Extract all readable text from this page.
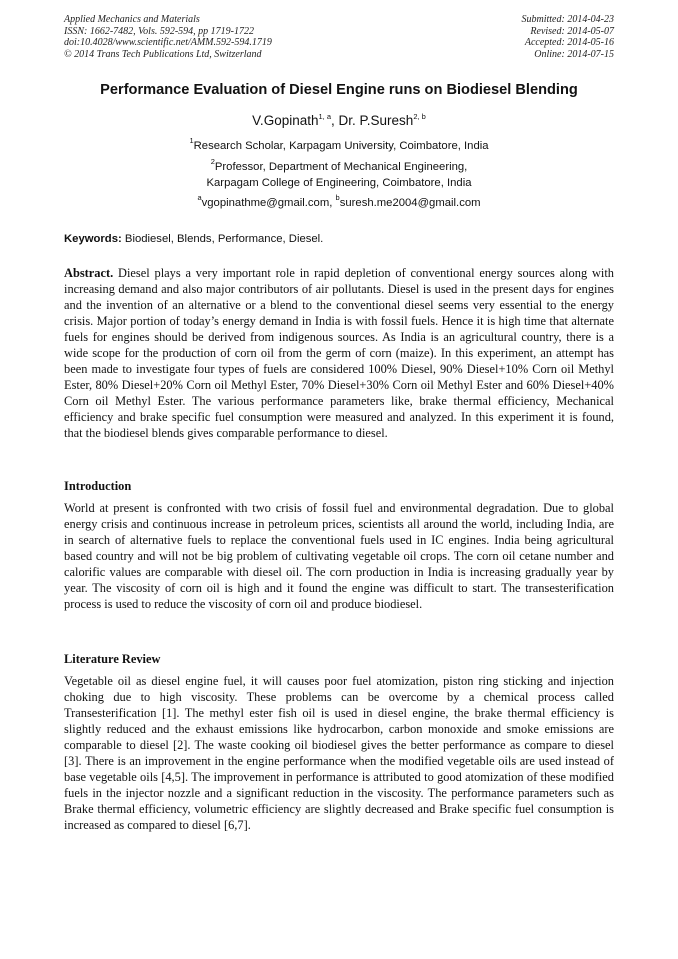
Applied Mechanics and Materials
ISSN: 1662-7482, Vols. 592-594, pp 1719-1722
doi:10.4028/www.scientific.net/AMM.592-594.1719
© 2014 Trans Tech Publications Ltd, Switzerland
Submitted: 2014-04-23
Revised: 2014-05-07
Accepted: 2014-05-16
Online: 2014-07-15
Performance Evaluation of Diesel Engine runs on Biodiesel Blending
V.Gopinath$^{1, a}$, Dr. P.Suresh$^{2, b}$
$^1$Research Scholar, Karpagam University, Coimbatore, India
$^2$Professor, Department of Mechanical Engineering,
Karpagam College of Engineering, Coimbatore, India
$^a$vgopinathme@gmail.com, $^b$suresh.me2004@gmail.com
Keywords: Biodiesel, Blends, Performance, Diesel.
Abstract. Diesel plays a very important role in rapid depletion of conventional energy sources along with increasing demand and also major contributors of air pollutants. Diesel is used in the present days for engines and the invention of an alternative or a blend to the conventional diesel seems very essential to the energy crisis. Major portion of today’s energy demand in India is with fossil fuels. Hence it is high time that alternate fuels for engines should be derived from indigenous sources. As India is an agricultural country, there is a wide scope for the production of corn oil from the germ of corn (maize). In this experiment, an attempt has been made to investigate four types of fuels are considered 100% Diesel, 90% Diesel+10% Corn oil Methyl Ester, 80% Diesel+20% Corn oil Methyl Ester, 70% Diesel+30% Corn oil Methyl Ester and 60% Diesel+40% Corn oil Methyl Ester. The various performance parameters like, brake thermal efficiency, Mechanical efficiency and brake specific fuel consumption were measured and analyzed. In this experiment it is found, that the biodiesel blends gives comparable performance to diesel.
Introduction
World at present is confronted with two crisis of fossil fuel and environmental degradation. Due to global energy crisis and continuous increase in petroleum prices, scientists all around the world, including India, are in search of alternative fuels to replace the conventional fuels used in IC engines. India being agricultural based country and will not be big problem of cultivating vegetable oil crops. The corn oil cetane number and calorific values are comparable with diesel oil. The corn production in India is increasing gradually year by year. The viscosity of corn oil is high and it found the engine was difficult to start. The transesterification process is used to reduce the viscosity of corn oil and produce biodiesel.
Literature Review
Vegetable oil as diesel engine fuel, it will causes poor fuel atomization, piston ring sticking and injection choking due to high viscosity. These problems can be overcome by a chemical process called Transesterification [1]. The methyl ester fish oil is used in diesel engine, the brake thermal efficiency is slightly reduced and the exhaust emissions like hydrocarbon, carbon monoxide and smoke emissions are comparable to diesel [2]. The waste cooking oil biodiesel gives the better performance as compare to diesel [3]. There is an improvement in the engine performance when the modified vegetable oils are used instead of base vegetable oils [4,5]. The improvement in performance is attributed to good atomization of these modified fuels in the injector nozzle and a significant reduction in the viscosity. The performance parameters such as Brake thermal efficiency, volumetric efficiency are slightly decreased and Brake specific fuel consumption is increased as compared to diesel [6,7].
